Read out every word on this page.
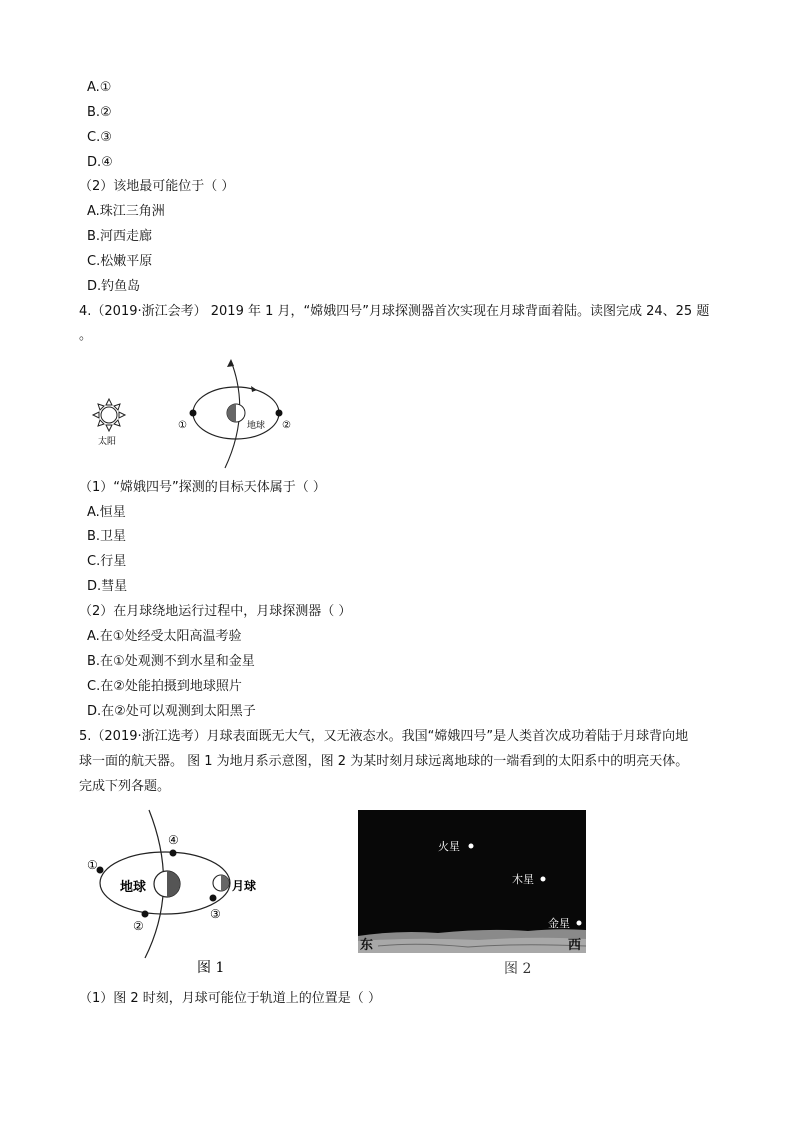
A.①
B.②
C.③
D.④
（2）该地最可能位于（ ）
A.珠江三角洲
B.河西走廊
C.松嫩平原
D.钓鱼岛
4.（2019·浙江会考） 2019 年 1 月，“嫦娥四号”月球探测器首次实现在月球背面着陆。读图完成 24、25 题
。
太阳
地球
①	②
（1）“嫦娥四号”探测的目标天体属于（ ）
A.恒星
B.卫星
C.行星
D.彗星
（2）在月球绕地运行过程中，月球探测器（ ）
A.在①处经受太阳高温考验
B.在①处观测不到水星和金星
C.在②处能拍摄到地球照片
D.在②处可以观测到太阳黑子
5.（2019·浙江选考）月球表面既无大气，又无液态水。我国“嫦娥四号”是人类首次成功着陆于月球背向地
球一面的航天器。 图 1 为地月系示意图，图 2 为某时刻月球远离地球的一端看到的太阳系中的明亮天体。
完成下列各题。
地球	月球
①
②
③
④
图 1
火星
木星
金星
东	西
图 2
（1）图 2 时刻，月球可能位于轨道上的位置是（ ）
